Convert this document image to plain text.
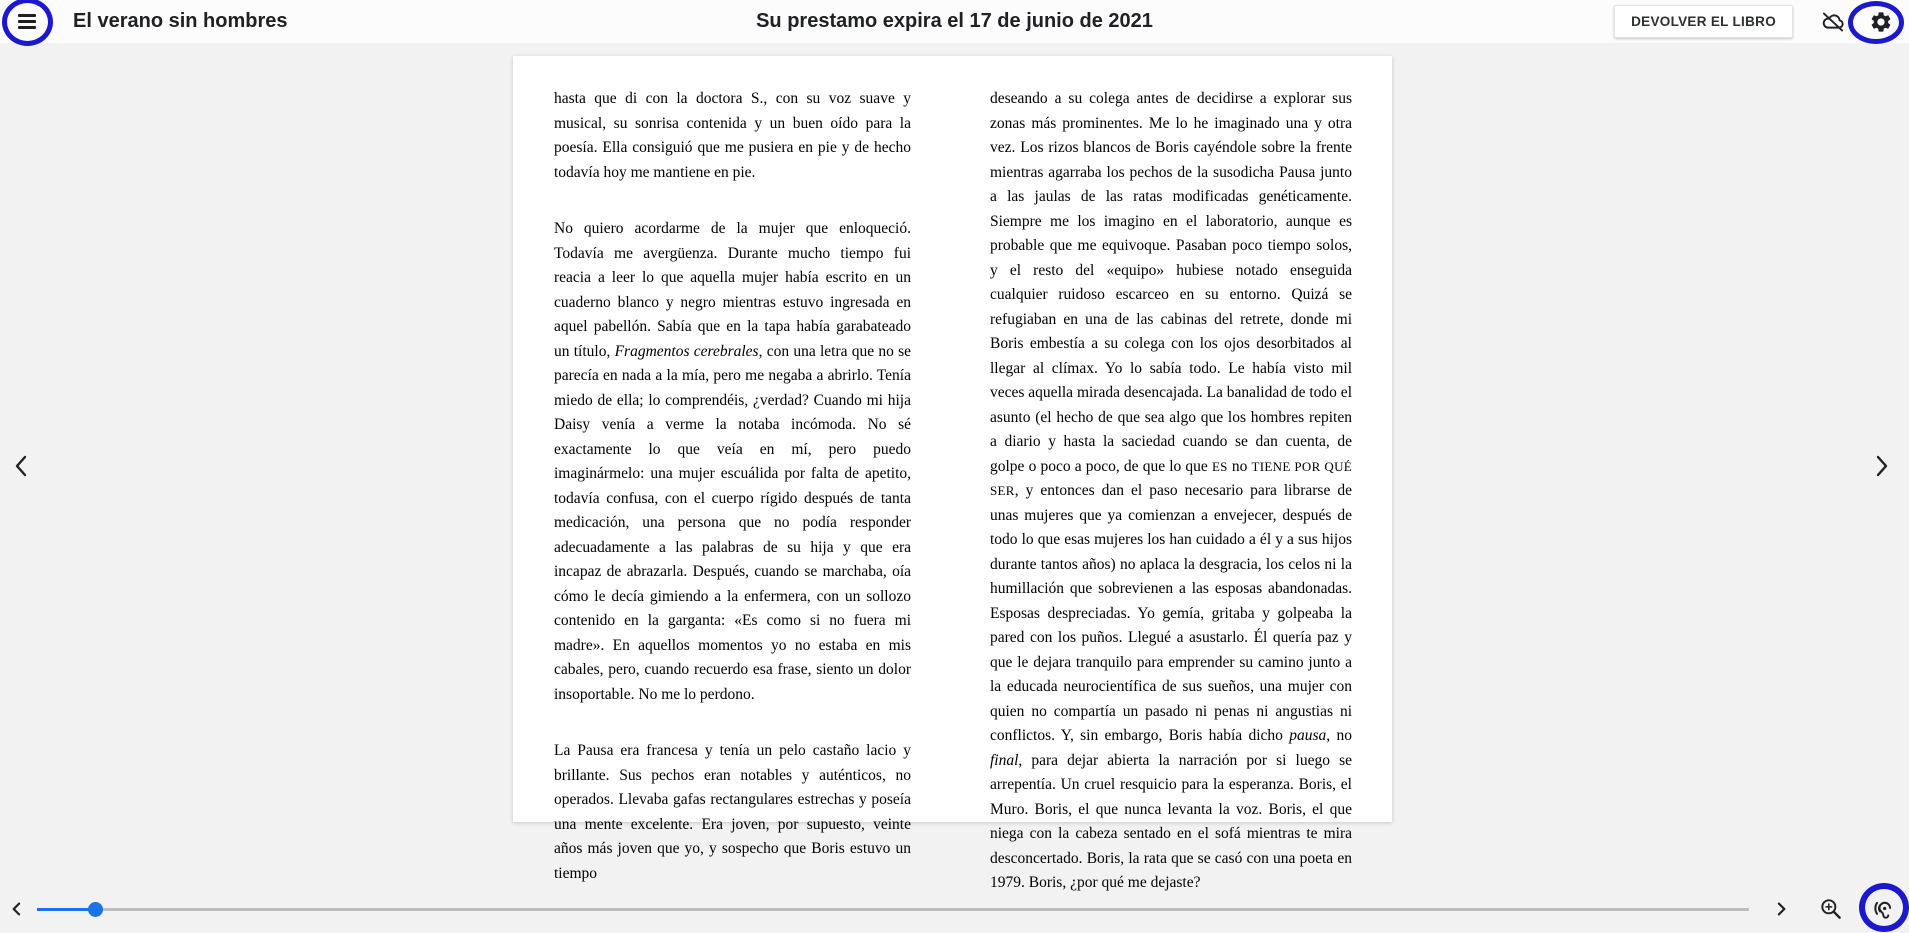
El verano sin hombres	Su prestamo expira el 17 de junio de 2021	DEVOLVER EL LIBRO

hasta que di con la doctora S., con su voz suave y musical, su sonrisa contenida y un buen oído para la poesía. Ella consiguió que me pusiera en pie y de hecho todavía hoy me mantiene en pie.

No quiero acordarme de la mujer que enloqueció. Todavía me avergüenza. Durante mucho tiempo fui reacia a leer lo que aquella mujer había escrito en un cuaderno blanco y negro mientras estuvo ingresada en aquel pabellón. Sabía que en la tapa había garabateado un título, Fragmentos cerebrales, con una letra que no se parecía en nada a la mía, pero me negaba a abrirlo. Tenía miedo de ella; lo comprendéis, ¿verdad? Cuando mi hija Daisy venía a verme la notaba incómoda. No sé exactamente lo que veía en mí, pero puedo imaginármelo: una mujer escuálida por falta de apetito, todavía confusa, con el cuerpo rígido después de tanta medicación, una persona que no podía responder adecuadamente a las palabras de su hija y que era incapaz de abrazarla. Después, cuando se marchaba, oía cómo le decía gimiendo a la enfermera, con un sollozo contenido en la garganta: «Es como si no fuera mi madre». En aquellos momentos yo no estaba en mis cabales, pero, cuando recuerdo esa frase, siento un dolor insoportable. No me lo perdono.

La Pausa era francesa y tenía un pelo castaño lacio y brillante. Sus pechos eran notables y auténticos, no operados. Llevaba gafas rectangulares estrechas y poseía una mente excelente. Era joven, por supuesto, veinte años más joven que yo, y sospecho que Boris estuvo un tiempo

deseando a su colega antes de decidirse a explorar sus zonas más prominentes. Me lo he imaginado una y otra vez. Los rizos blancos de Boris cayéndole sobre la frente mientras agarraba los pechos de la susodicha Pausa junto a las jaulas de las ratas modificadas genéticamente. Siempre me los imagino en el laboratorio, aunque es probable que me equivoque. Pasaban poco tiempo solos, y el resto del «equipo» hubiese notado enseguida cualquier ruidoso escarceo en su entorno. Quizá se refugiaban en una de las cabinas del retrete, donde mi Boris embestía a su colega con los ojos desorbitados al llegar al clímax. Yo lo sabía todo. Le había visto mil veces aquella mirada desencajada. La banalidad de todo el asunto (el hecho de que sea algo que los hombres repiten a diario y hasta la saciedad cuando se dan cuenta, de golpe o poco a poco, de que lo que ES no TIENE POR QUÉ SER, y entonces dan el paso necesario para librarse de unas mujeres que ya comienzan a envejecer, después de todo lo que esas mujeres los han cuidado a él y a sus hijos durante tantos años) no aplaca la desgracia, los celos ni la humillación que sobrevienen a las esposas abandonadas. Esposas despreciadas. Yo gemía, gritaba y golpeaba la pared con los puños. Llegué a asustarlo. Él quería paz y que le dejara tranquilo para emprender su camino junto a la educada neurocientífica de sus sueños, una mujer con quien no compartía un pasado ni penas ni angustias ni conflictos. Y, sin embargo, Boris había dicho pausa, no final, para dejar abierta la narración por si luego se arrepentía. Un cruel resquicio para la esperanza. Boris, el Muro. Boris, el que nunca levanta la voz. Boris, el que niega con la cabeza sentado en el sofá mientras te mira desconcertado. Boris, la rata que se casó con una poeta en 1979. Boris, ¿por qué me dejaste?
